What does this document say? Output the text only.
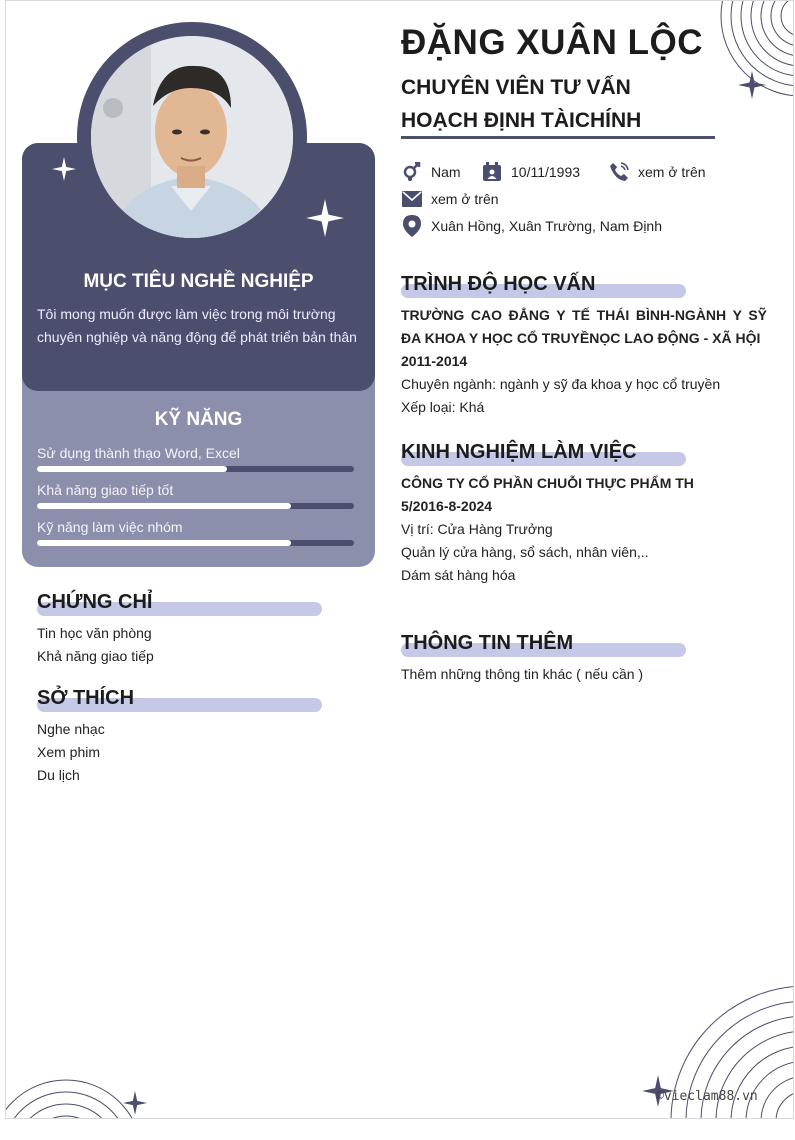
MỤC TIÊU NGHỀ NGHIỆP
Tôi mong muốn được làm việc trong môi trường chuyên nghiệp và năng động để phát triển bản thân
KỸ NĂNG
Sử dụng thành thạo Word, Excel
Khả năng giao tiếp tốt
Kỹ năng làm việc nhóm
CHỨNG CHỈ
Tin học văn phòng
Khả năng giao tiếp
SỞ THÍCH
Nghe nhạc
Xem phim
Du lịch
ĐẶNG XUÂN LỘC
CHUYÊN VIÊN TƯ VẤN
HOẠCH ĐỊNH TÀICHÍNH
Nam	10/11/1993	xem ở trên
xem ở trên
Xuân Hồng, Xuân Trường, Nam Định
TRÌNH ĐỘ HỌC VẤN
TRƯỜNG CAO ĐẲNG Y TẾ THÁI BÌNH-NGÀNH Y SỸ ĐA KHOA Y HỌC CỔ TRUYỀNỌC LAO ĐỘNG - XÃ HỘI
2011-2014
Chuyên ngành: ngành y sỹ đa khoa y học cổ truyền
Xếp loại: Khá
KINH NGHIỆM LÀM VIỆC
CÔNG TY CỔ PHẦN CHUỖI THỰC PHẨM TH
5/2016-8-2024
Vị trí: Cửa Hàng Trưởng
Quản lý cửa hàng, sổ sách, nhân viên,..
Dám sát hàng hóa
THÔNG TIN THÊM
Thêm những thông tin khác ( nếu cần )
©vieclam88.vn
